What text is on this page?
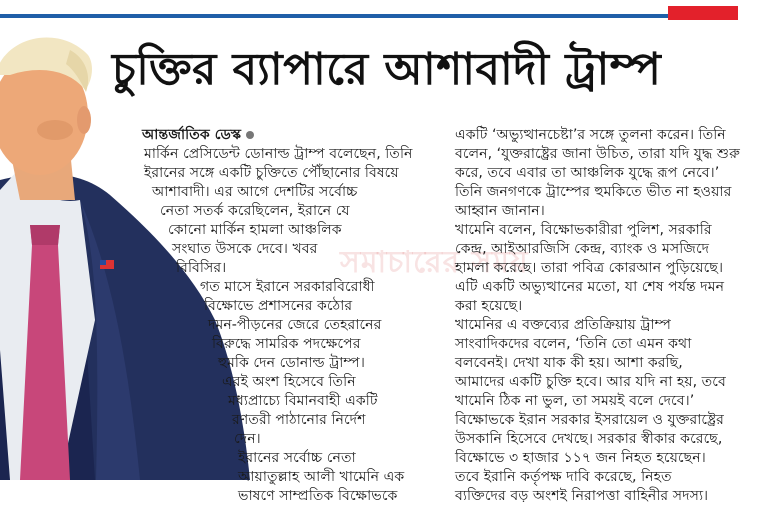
চুক্তির ব্যাপারে আশাবাদী ট্রাম্প
সমাচারের সময়
আন্তর্জাতিক ডেস্ক
মার্কিন প্রেসিডেন্ট ডোনাল্ড ট্রাম্প বলেছেন, তিনি
ইরানের সঙ্গে একটি চুক্তিতে পৌঁছানোর বিষয়ে
আশাবাদী। এর আগে দেশটির সর্বোচ্চ
নেতা সতর্ক করেছিলেন, ইরানে যে
কোনো মার্কিন হামলা আঞ্চলিক
সংঘাত উসকে দেবে। খবর
বিবিসির।
গত মাসে ইরানে সরকারবিরোধী
বিক্ষোভে প্রশাসনের কঠোর
দমন-পীড়নের জেরে তেহরানের
বিরুদ্ধে সামরিক পদক্ষেপের
হুমকি দেন ডোনাল্ড ট্রাম্প।
এরই অংশ হিসেবে তিনি
মধ্যপ্রাচ্যে বিমানবাহী একটি
রণতরী পাঠানোর নির্দেশ
দেন।
ইরানের সর্বোচ্চ নেতা
আয়াতুল্লাহ আলী খামেনি এক
ভাষণে সাম্প্রতিক বিক্ষোভকে
একটি ‘অভ্যুত্থানচেষ্টা’র সঙ্গে তুলনা করেন। তিনি
বলেন, ‘যুক্তরাষ্ট্রের জানা উচিত, তারা যদি যুদ্ধ শুরু
করে, তবে এবার তা আঞ্চলিক যুদ্ধে রূপ নেবে।’
তিনি জনগণকে ট্রাম্পের হুমকিতে ভীত না হওয়ার
আহ্বান জানান।
খামেনি বলেন, বিক্ষোভকারীরা পুলিশ, সরকারি
কেন্দ্র, আইআরজিসি কেন্দ্র, ব্যাংক ও মসজিদে
হামলা করেছে। তারা পবিত্র কোরআন পুড়িয়েছে।
এটি একটি অভ্যুত্থানের মতো, যা শেষ পর্যন্ত দমন
করা হয়েছে।
খামেনির এ বক্তব্যের প্রতিক্রিয়ায় ট্রাম্প
সাংবাদিকদের বলেন, ‘তিনি তো এমন কথা
বলবেনই। দেখা যাক কী হয়। আশা করছি,
আমাদের একটি চুক্তি হবে। আর যদি না হয়, তবে
খামেনি ঠিক না ভুল, তা সময়ই বলে দেবে।’
বিক্ষোভকে ইরান সরকার ইসরায়েল ও যুক্তরাষ্ট্রের
উসকানি হিসেবে দেখছে। সরকার স্বীকার করেছে,
বিক্ষোভে ৩ হাজার ১১৭ জন নিহত হয়েছেন।
তবে ইরানি কর্তৃপক্ষ দাবি করেছে, নিহত
ব্যক্তিদের বড় অংশই নিরাপত্তা বাহিনীর সদস্য।
